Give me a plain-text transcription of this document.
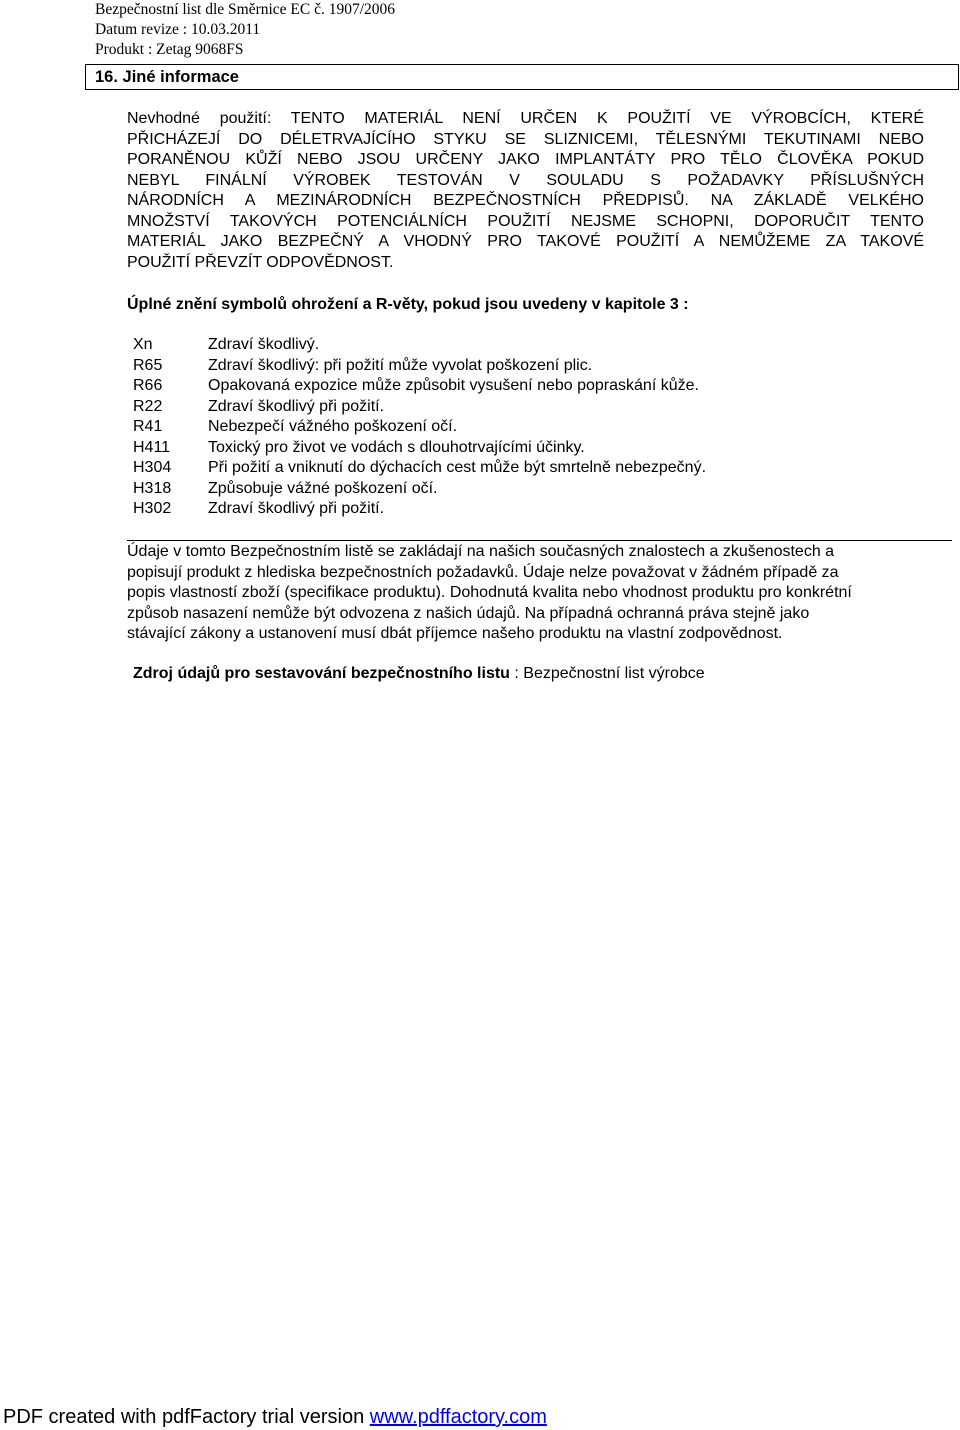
Bezpečnostní list dle Směrnice EC č. 1907/2006
Datum revize : 10.03.2011
Produkt : Zetag 9068FS
16. Jiné informace
Nevhodné použití: TENTO MATERIÁL NENÍ URČEN K POUŽITÍ VE VÝROBCÍCH, KTERÉ
PŘICHÁZEJÍ DO DÉLETRVAJÍCÍHO STYKU SE SLIZNICEMI, TĚLESNÝMI TEKUTINAMI NEBO
PORANĚNOU KŮŽÍ NEBO JSOU URČENY JAKO IMPLANTÁTY PRO TĚLO ČLOVĚKA POKUD
NEBYL FINÁLNÍ VÝROBEK TESTOVÁN V SOULADU S POŽADAVKY PŘÍSLUŠNÝCH
NÁRODNÍCH A MEZINÁRODNÍCH BEZPEČNOSTNÍCH PŘEDPISŮ. NA ZÁKLADĚ VELKÉHO
MNOŽSTVÍ TAKOVÝCH POTENCIÁLNÍCH POUŽITÍ NEJSME SCHOPNI, DOPORUČIT TENTO
MATERIÁL JAKO BEZPEČNÝ A VHODNÝ PRO TAKOVÉ POUŽITÍ A NEMŮŽEME ZA TAKOVÉ
POUŽITÍ PŘEVZÍT ODPOVĚDNOST.
Úplné znění symbolů ohrožení a R-věty, pokud jsou uvedeny v kapitole 3 :
Xn	Zdraví škodlivý.
R65	Zdraví škodlivý: při požití může vyvolat poškození plic.
R66	Opakovaná expozice může způsobit vysušení nebo popraskání kůže.
R22	Zdraví škodlivý při požití.
R41	Nebezpečí vážného poškození očí.
H411	Toxický pro život ve vodách s dlouhotrvajícími účinky.
H304	Při požití a vniknutí do dýchacích cest může být smrtelně nebezpečný.
H318	Způsobuje vážné poškození očí.
H302	Zdraví škodlivý při požití.
Údaje v tomto Bezpečnostním listě se zakládají na našich současných znalostech a zkušenostech a
popisují produkt z hlediska bezpečnostních požadavků. Údaje nelze považovat v žádném případě za
popis vlastností zboží (specifikace produktu). Dohodnutá kvalita nebo vhodnost produktu pro konkrétní
způsob nasazení nemůže být odvozena z našich údajů. Na případná ochranná práva stejně jako
stávající zákony a ustanovení musí dbát příjemce našeho produktu na vlastní zodpovědnost.
Zdroj údajů pro sestavování bezpečnostního listu : Bezpečnostní list výrobce
PDF created with pdfFactory trial version www.pdffactory.com
